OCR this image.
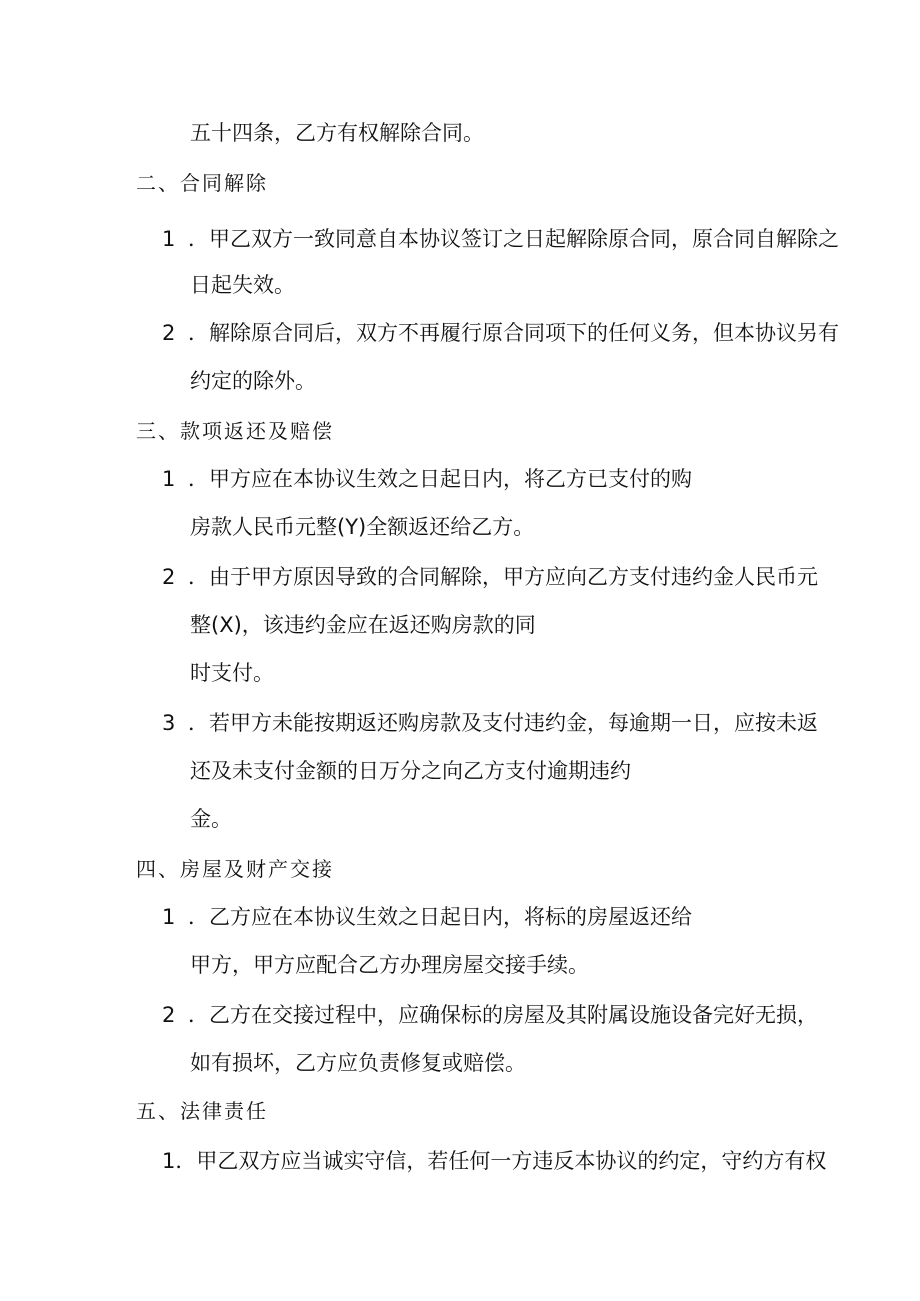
五十四条，乙方有权解除合同。
二、合同解除
1 ．甲乙双方一致同意自本协议签订之日起解除原合同，原合同自解除之
日起失效。
2 ．解除原合同后，双方不再履行原合同项下的任何义务，但本协议另有
约定的除外。
三、款项返还及赔偿
1 ．甲方应在本协议生效之日起日内，将乙方已支付的购
房款人民币元整(Y)全额返还给乙方。
2 ．由于甲方原因导致的合同解除，甲方应向乙方支付违约金人民币元
整(X)，该违约金应在返还购房款的同
时支付。
3 ．若甲方未能按期返还购房款及支付违约金，每逾期一日，应按未返
还及未支付金额的日万分之向乙方支付逾期违约
金。
四、房屋及财产交接
1 ．乙方应在本协议生效之日起日内，将标的房屋返还给
甲方，甲方应配合乙方办理房屋交接手续。
2 ．乙方在交接过程中，应确保标的房屋及其附属设施设备完好无损，
如有损坏，乙方应负责修复或赔偿。
五、法律责任
1．甲乙双方应当诚实守信，若任何一方违反本协议的约定，守约方有权
